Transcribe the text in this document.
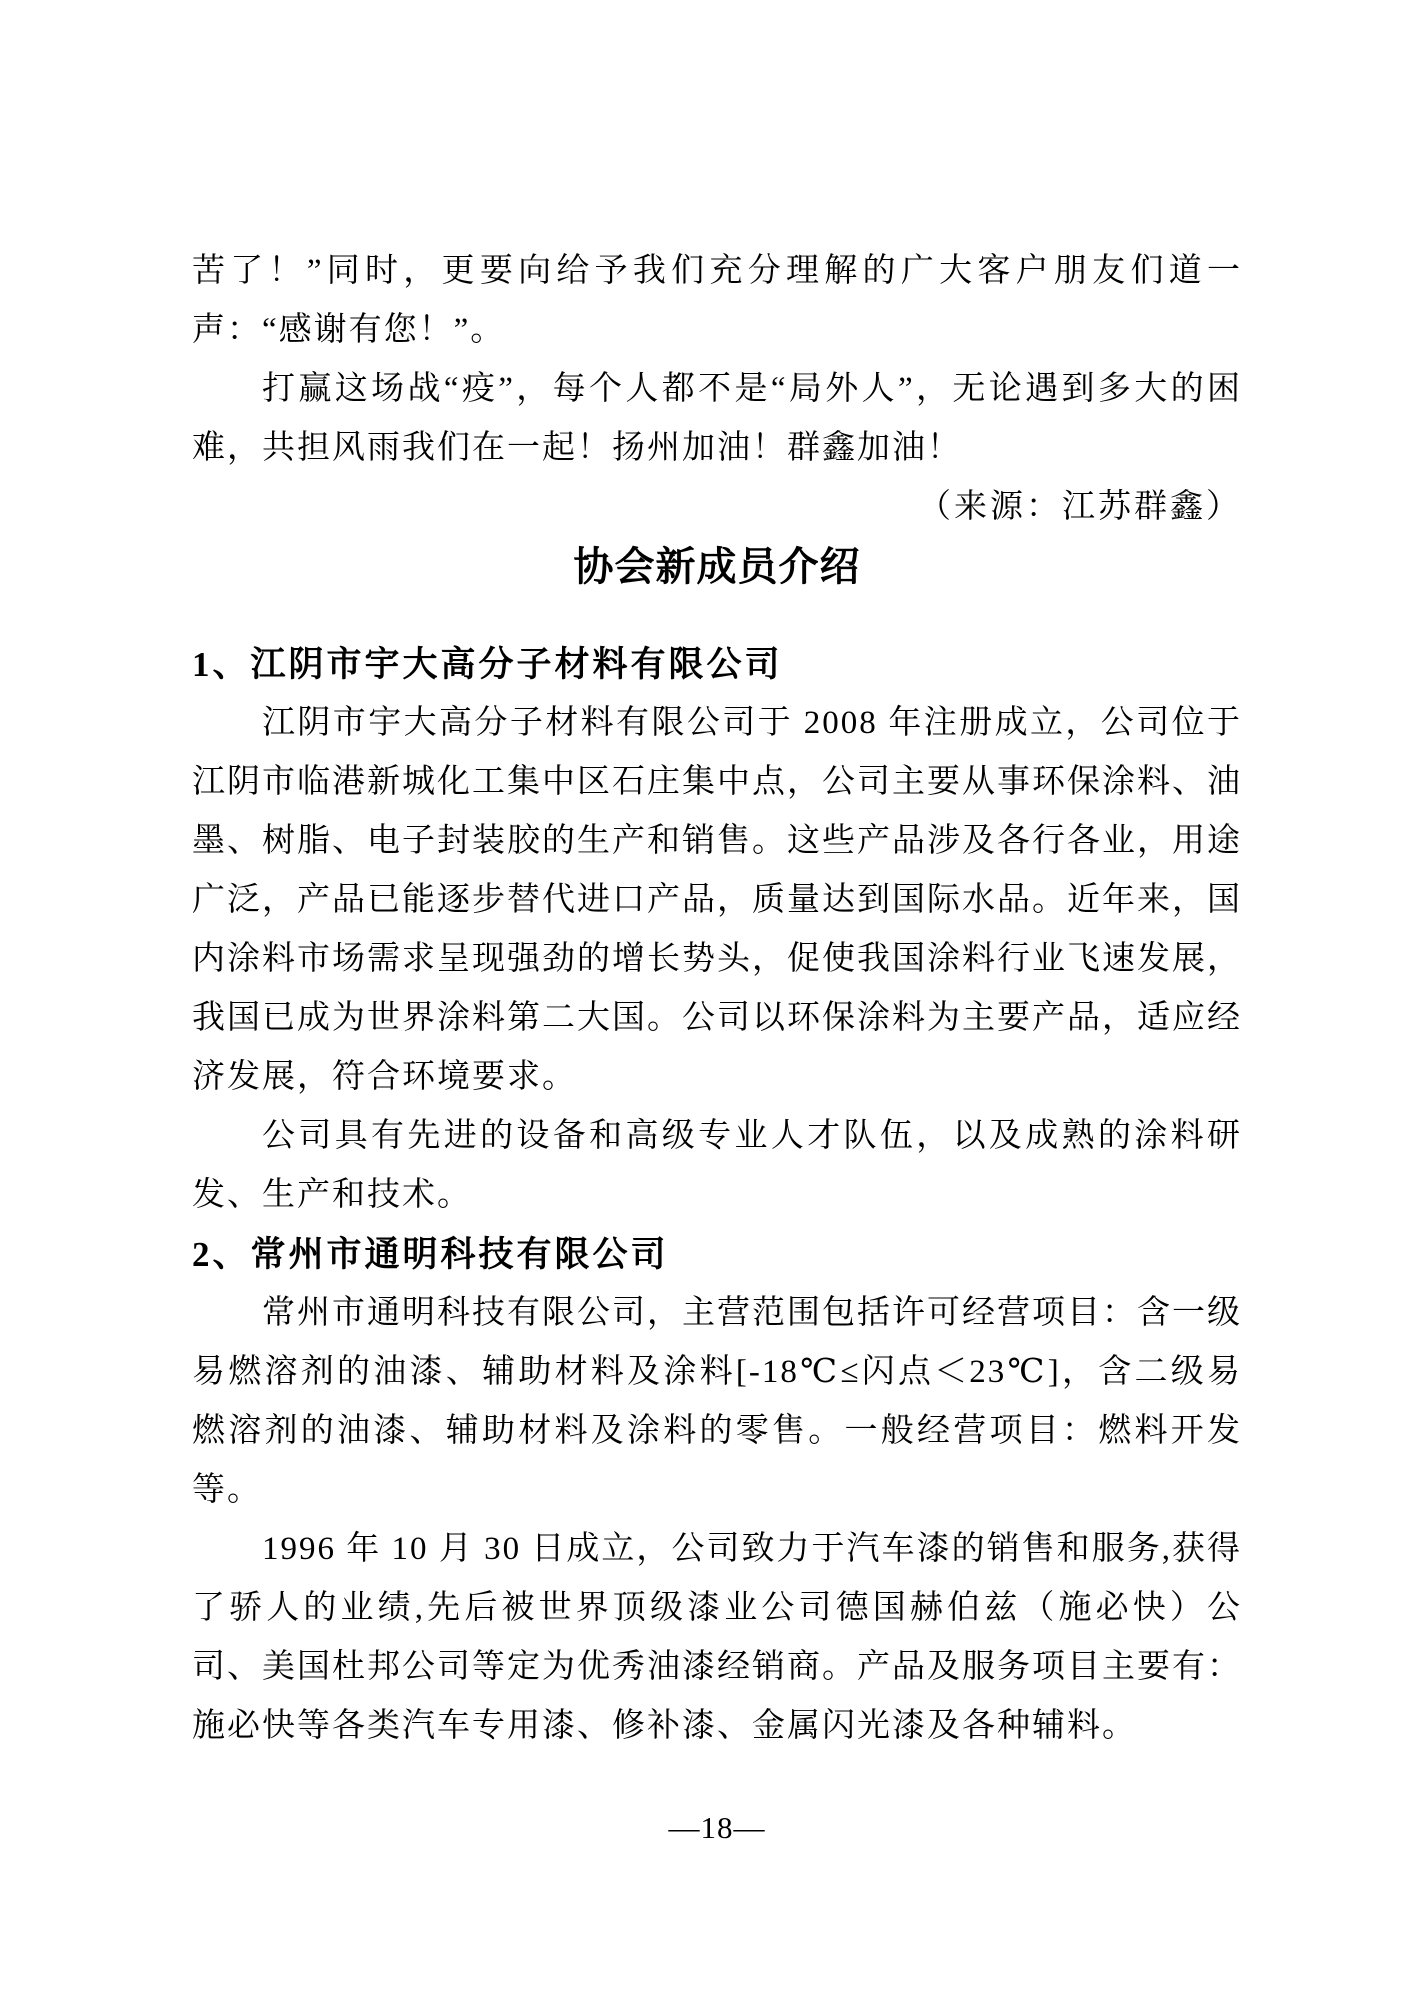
苦了！”同时，更要向给予我们充分理解的广大客户朋友们道一声：“感谢有您！”。

打赢这场战“疫”，每个人都不是“局外人”，无论遇到多大的困难，共担风雨我们在一起！扬州加油！群鑫加油！

（来源：江苏群鑫）

协会新成员介绍
1、江阴市宇大高分子材料有限公司

江阴市宇大高分子材料有限公司于 2008 年注册成立，公司位于江阴市临港新城化工集中区石庄集中点，公司主要从事环保涂料、油墨、树脂、电子封装胶的生产和销售。这些产品涉及各行各业，用途广泛，产品已能逐步替代进口产品，质量达到国际水品。近年来，国内涂料市场需求呈现强劲的增长势头，促使我国涂料行业飞速发展，我国已成为世界涂料第二大国。公司以环保涂料为主要产品，适应经济发展，符合环境要求。

公司具有先进的设备和高级专业人才队伍，以及成熟的涂料研发、生产和技术。

2、常州市通明科技有限公司

常州市通明科技有限公司，主营范围包括许可经营项目：含一级易燃溶剂的油漆、辅助材料及涂料[-18℃≤闪点＜23℃]，含二级易燃溶剂的油漆、辅助材料及涂料的零售。一般经营项目：燃料开发等。

1996 年 10 月 30 日成立，公司致力于汽车漆的销售和服务,获得了骄人的业绩,先后被世界顶级漆业公司德国赫伯兹（施必快）公司、美国杜邦公司等定为优秀油漆经销商。产品及服务项目主要有：施必快等各类汽车专用漆、修补漆、金属闪光漆及各种辅料。

—18—
